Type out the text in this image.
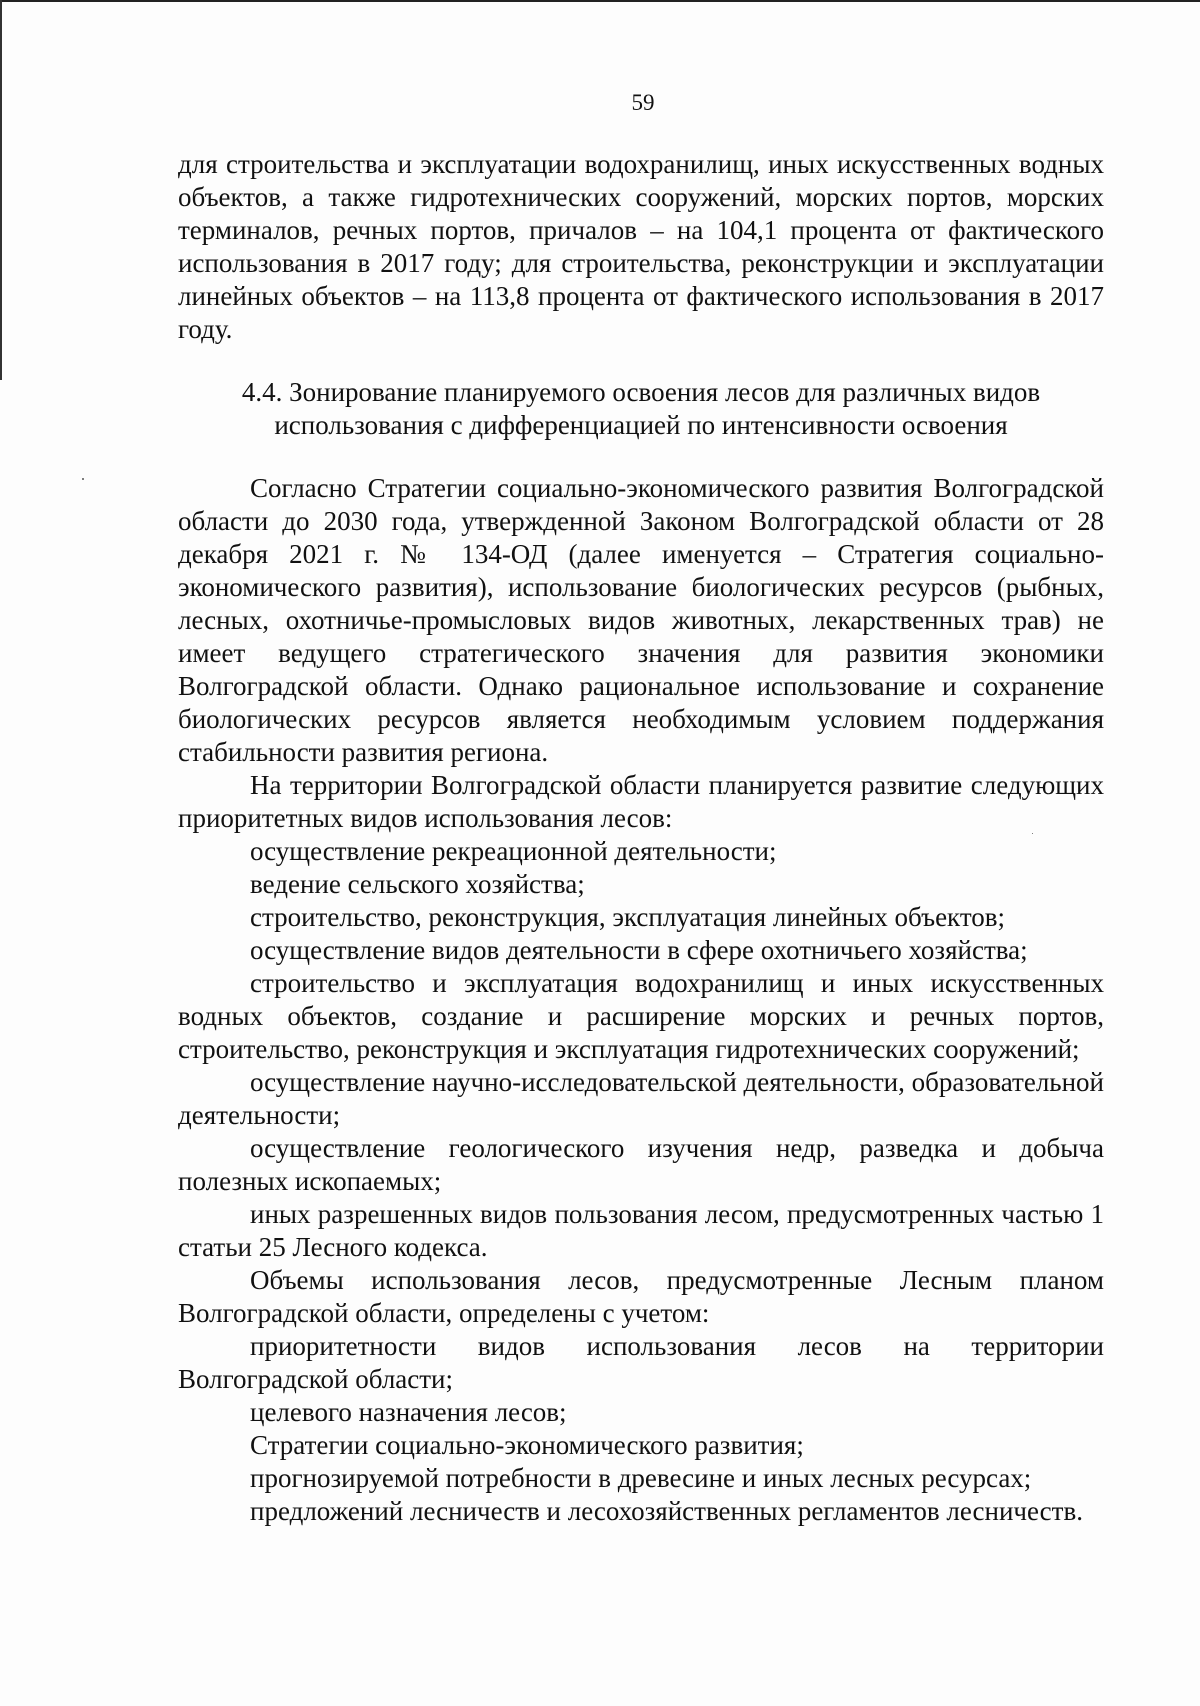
59

для строительства и эксплуатации водохранилищ, иных искусственных водных объектов, а также гидротехнических сооружений, морских портов, морских терминалов, речных портов, причалов – на 104,1 процента от фактического использования в 2017 году; для строительства, реконструкции и эксплуатации линейных объектов – на 113,8 процента от фактического использования в 2017 году.

4.4. Зонирование планируемого освоения лесов для различных видов использования с дифференциацией по интенсивности освоения

Согласно Стратегии социально-экономического развития Волгоградской области до 2030 года, утвержденной Законом Волгоградской области от 28 декабря 2021 г. № 134-ОД (далее именуется – Стратегия социально-экономического развития), использование биологических ресурсов (рыбных, лесных, охотничье-промысловых видов животных, лекарственных трав) не имеет ведущего стратегического значения для развития экономики Волгоградской области. Однако рациональное использование и сохранение биологических ресурсов является необходимым условием поддержания стабильности развития региона.

На территории Волгоградской области планируется развитие следующих приоритетных видов использования лесов:

осуществление рекреационной деятельности;

ведение сельского хозяйства;

строительство, реконструкция, эксплуатация линейных объектов;

осуществление видов деятельности в сфере охотничьего хозяйства;

строительство и эксплуатация водохранилищ и иных искусственных водных объектов, создание и расширение морских и речных портов, строительство, реконструкция и эксплуатация гидротехнических сооружений;

осуществление научно-исследовательской деятельности, образовательной деятельности;

осуществление геологического изучения недр, разведка и добыча полезных ископаемых;

иных разрешенных видов пользования лесом, предусмотренных частью 1 статьи 25 Лесного кодекса.

Объемы использования лесов, предусмотренные Лесным планом Волгоградской области, определены с учетом:

приоритетности видов использования лесов на территории Волгоградской области;

целевого назначения лесов;

Стратегии социально-экономического развития;

прогнозируемой потребности в древесине и иных лесных ресурсах;

предложений лесничеств и лесохозяйственных регламентов лесничеств.
